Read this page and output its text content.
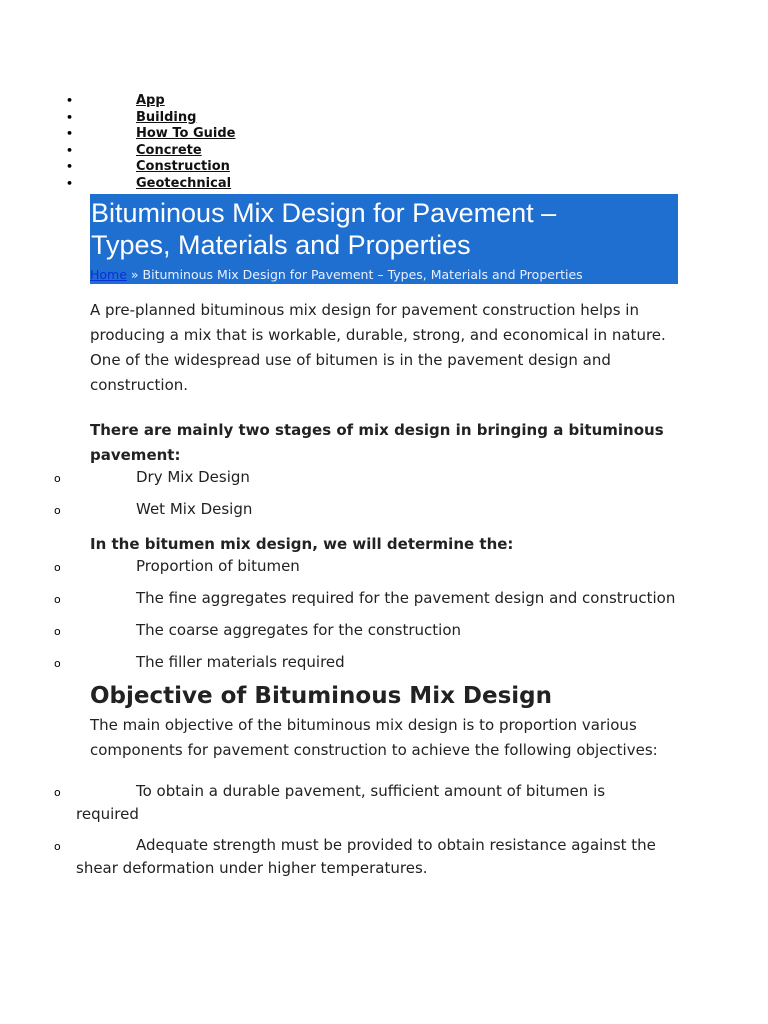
•	App
•	Building
•	How To Guide
•	Concrete
•	Construction
•	Geotechnical
Bituminous Mix Design for Pavement –
Types, Materials and Properties
Home » Bituminous Mix Design for Pavement – Types, Materials and Properties

A pre-planned bituminous mix design for pavement construction helps in
producing a mix that is workable, durable, strong, and economical in nature.
One of the widespread use of bitumen is in the pavement design and
construction.

There are mainly two stages of mix design in bringing a bituminous
pavement:

o	Dry Mix Design
o	Wet Mix Design

In the bitumen mix design, we will determine the:

o	Proportion of bitumen
o	The fine aggregates required for the pavement design and construction
o	The coarse aggregates for the construction
o	The filler materials required
Objective of Bituminous Mix Design

The main objective of the bituminous mix design is to proportion various
components for pavement construction to achieve the following objectives:

o	To obtain a durable pavement, sufficient amount of bitumen is
required
o	Adequate strength must be provided to obtain resistance against the
shear deformation under higher temperatures.
